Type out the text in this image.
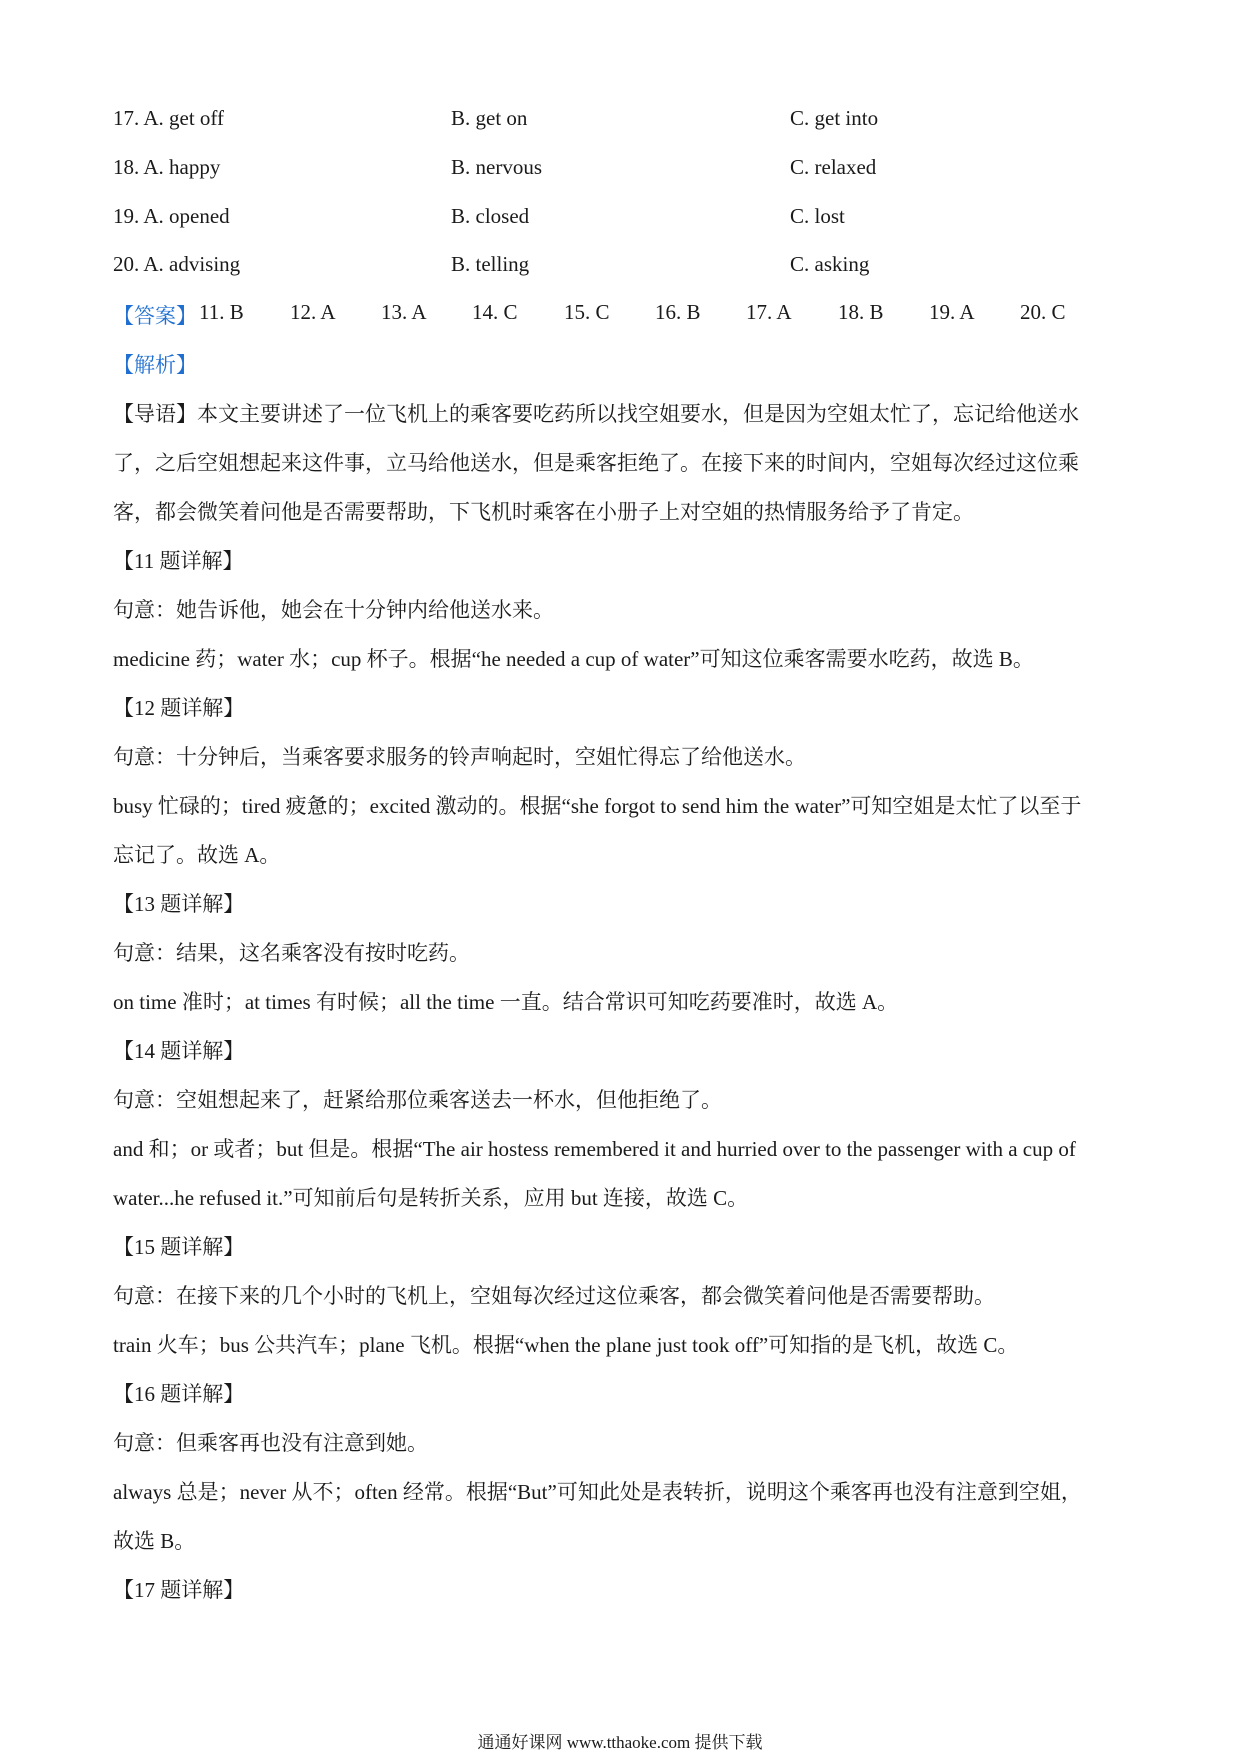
17. A. get off	B. get on	C. get into
18. A. happy	B. nervous	C. relaxed
19. A. opened	B. closed	C. lost
20. A. advising	B. telling	C. asking
【答案】 11. B 12. A 13. A 14. C 15. C 16. B 17. A 18. B 19. A 20. C
【解析】
【导语】本文主要讲述了一位飞机上的乘客要吃药所以找空姐要水，但是因为空姐太忙了，忘记给他送水
了，之后空姐想起来这件事，立马给他送水，但是乘客拒绝了。在接下来的时间内，空姐每次经过这位乘
客，都会微笑着问他是否需要帮助，下飞机时乘客在小册子上对空姐的热情服务给予了肯定。
【11 题详解】
句意：她告诉他，她会在十分钟内给他送水来。
medicine 药；water 水；cup 杯子。根据“he needed a cup of water”可知这位乘客需要水吃药，故选 B。
【12 题详解】
句意：十分钟后，当乘客要求服务的铃声响起时，空姐忙得忘了给他送水。
busy 忙碌的；tired 疲惫的；excited 激动的。根据“she forgot to send him the water”可知空姐是太忙了以至于
忘记了。故选 A。
【13 题详解】
句意：结果，这名乘客没有按时吃药。
on time 准时；at times 有时候；all the time 一直。结合常识可知吃药要准时，故选 A。
【14 题详解】
句意：空姐想起来了，赶紧给那位乘客送去一杯水，但他拒绝了。
and 和；or 或者；but 但是。根据“The air hostess remembered it and hurried over to the passenger with a cup of
water...he refused it.”可知前后句是转折关系，应用 but 连接，故选 C。
【15 题详解】
句意：在接下来的几个小时的飞机上，空姐每次经过这位乘客，都会微笑着问他是否需要帮助。
train 火车；bus 公共汽车；plane 飞机。根据“when the plane just took off”可知指的是飞机，故选 C。
【16 题详解】
句意：但乘客再也没有注意到她。
always 总是；never 从不；often 经常。根据“But”可知此处是表转折，说明这个乘客再也没有注意到空姐，
故选 B。
【17 题详解】
通通好课网 www.tthaoke.com 提供下载
